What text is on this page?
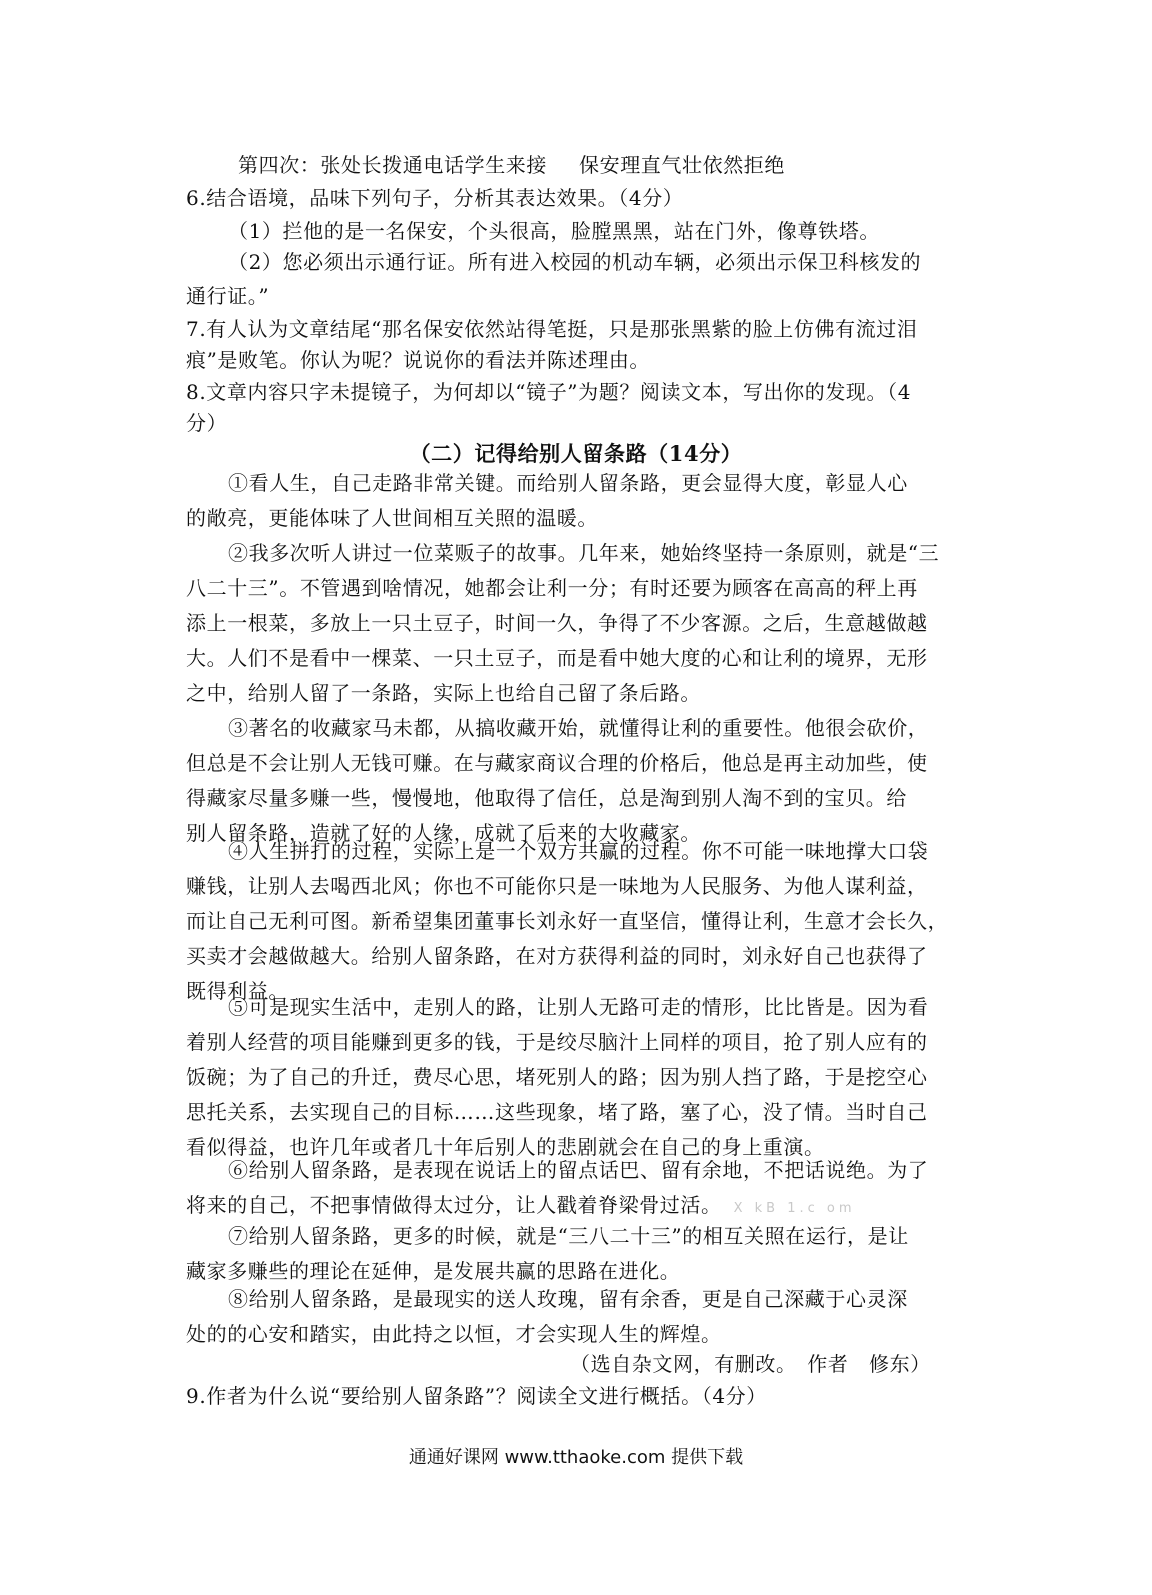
第四次：张处长拨通电话学生来接 保安理直气壮依然拒绝
6.结合语境，品味下列句子，分析其表达效果。（4分）
（1）拦他的是一名保安，个头很高，脸膛黑黑，站在门外，像尊铁塔。
（2）您必须出示通行证。所有进入校园的机动车辆，必须出示保卫科核发的
通行证。”
7.有人认为文章结尾“那名保安依然站得笔挺，只是那张黑紫的脸上仿佛有流过泪
痕”是败笔。你认为呢？说说你的看法并陈述理由。
8.文章内容只字未提镜子，为何却以“镜子”为题？阅读文本，写出你的发现。（4
分）
（二）记得给别人留条路（14分）
①看人生，自己走路非常关键。而给别人留条路，更会显得大度，彰显人心
的敞亮，更能体味了人世间相互关照的温暖。
②我多次听人讲过一位菜贩子的故事。几年来，她始终坚持一条原则，就是“三
八二十三”。不管遇到啥情况，她都会让利一分；有时还要为顾客在高高的秤上再
添上一根菜，多放上一只土豆子，时间一久，争得了不少客源。之后，生意越做越
大。人们不是看中一棵菜、一只土豆子，而是看中她大度的心和让利的境界，无形
之中，给别人留了一条路，实际上也给自己留了条后路。
③著名的收藏家马未都，从搞收藏开始，就懂得让利的重要性。他很会砍价，
但总是不会让别人无钱可赚。在与藏家商议合理的价格后，他总是再主动加些，使
得藏家尽量多赚一些，慢慢地，他取得了信任，总是淘到别人淘不到的宝贝。给
别人留条路，造就了好的人缘，成就了后来的大收藏家。
④人生拼打的过程，实际上是一个双方共赢的过程。你不可能一味地撑大口袋
赚钱，让别人去喝西北风；你也不可能你只是一味地为人民服务、为他人谋利益，
而让自己无利可图。新希望集团董事长刘永好一直坚信，懂得让利，生意才会长久，
买卖才会越做越大。给别人留条路，在对方获得利益的同时，刘永好自己也获得了
既得利益。
⑤可是现实生活中，走别人的路，让别人无路可走的情形，比比皆是。因为看
着别人经营的项目能赚到更多的钱，于是绞尽脑汁上同样的项目，抢了别人应有的
饭碗；为了自己的升迁，费尽心思，堵死别人的路；因为别人挡了路，于是挖空心
思托关系，去实现自己的目标……这些现象，堵了路，塞了心，没了情。当时自己
看似得益，也许几年或者几十年后别人的悲剧就会在自己的身上重演。
⑥给别人留条路，是表现在说话上的留点话巴、留有余地，不把话说绝。为了
将来的自己，不把事情做得太过分，让人戳着脊梁骨过活。 X kB 1.c om
⑦给别人留条路，更多的时候，就是“三八二十三”的相互关照在运行，是让
藏家多赚些的理论在延伸，是发展共赢的思路在进化。
⑧给别人留条路，是最现实的送人玫瑰，留有余香，更是自己深藏于心灵深
处的的心安和踏实，由此持之以恒，才会实现人生的辉煌。
（选自杂文网，有删改。　作者　修东）
9.作者为什么说“要给别人留条路”？阅读全文进行概括。（4分）
通通好课网 www.tthaoke.com 提供下载
